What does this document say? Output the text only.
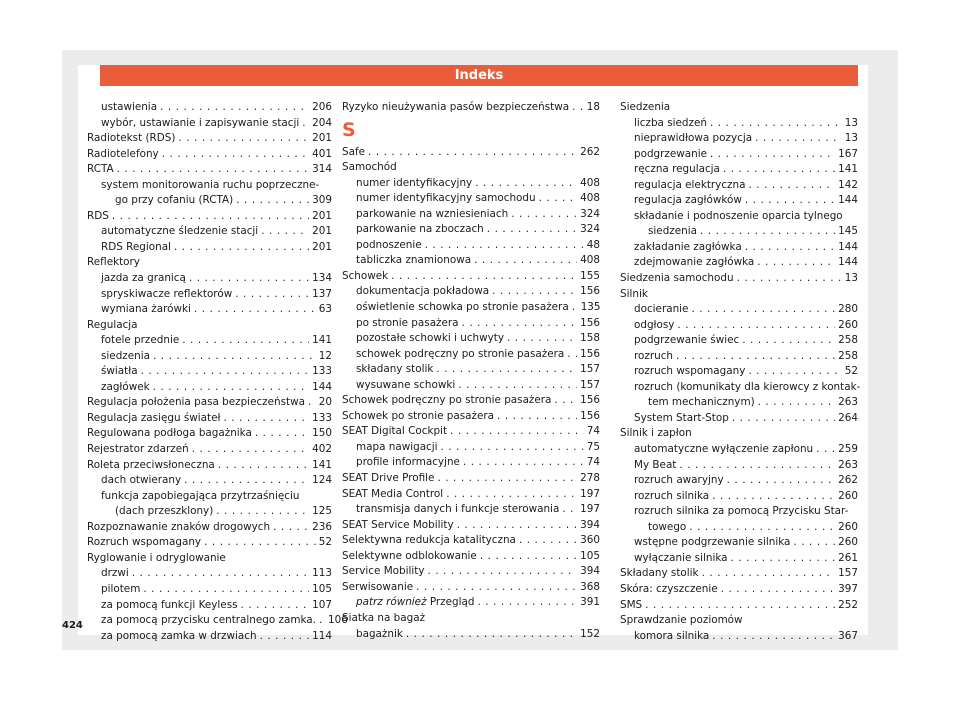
Indeks
ustawienia . . .	206
wybór, ustawianie i zapisywanie stacji . . . 204
Radiotekst (RDS) . . .	201
Radiotelefony . . .	401
RCTA . . .	314
system monitorowania ruchu poprzeczne-
go przy cofaniu (RCTA) . . .	309
RDS . . .	201
automatyczne śledzenie stacji . . .	201
RDS Regional . . .	201
Reflektory
jazda za granicą . . .	134
spryskiwacze reflektorów . . .	137
wymiana żarówki . . .	63
Regulacja
fotele przednie . . .	141
siedzenia . . .	12
światła . . .	133
zagłówek . . .	144
Regulacja położenia pasa bezpieczeństwa . . . 20
Regulacja zasięgu świateł . . .	133
Regulowana podłoga bagażnika . . .	150
Rejestrator zdarzeń . . .	402
Roleta przeciwsłoneczna . . .	141
dach otwierany . . .	124
funkcja zapobiegająca przytrzaśnięciu
(dach przeszklony) . . .	125
Rozpoznawanie znaków drogowych . . .	236
Rozruch wspomagany . . .	52
Ryglowanie i odryglowanie
drzwi . . .	113
pilotem . . .	105
za pomocą funkcji Keyless . . .	107
za pomocą przycisku centralnego zamka. . . . 106
za pomocą zamka w drzwiach . . .	114
Ryzyko nieużywania pasów bezpieczeństwa . . . 18
S
Safe . . .	262
Samochód
numer identyfikacyjny . . .	408
numer identyfikacyjny samochodu . . .	408
parkowanie na wzniesieniach . . .	324
parkowanie na zboczach . . .	324
podnoszenie . . .	48
tabliczka znamionowa . . .	408
Schowek . . .	155
dokumentacja pokładowa . . .	156
oświetlenie schowka po stronie pasażera . . . 135
po stronie pasażera . . .	156
pozostałe schowki i uchwyty . . .	158
schowek podręczny po stronie pasażera . . . 156
składany stolik . . .	157
wysuwane schowki . . .	157
Schowek podręczny po stronie pasażera . . .	156
Schowek po stronie pasażera . . .	156
SEAT Digital Cockpit . . .	74
mapa nawigacji . . .	75
profile informacyjne . . .	74
SEAT Drive Profile . . .	278
SEAT Media Control . . .	197
transmisja danych i funkcje sterowania . . . 197
SEAT Service Mobility . . .	394
Selektywna redukcja katalityczna . . .	360
Selektywne odblokowanie . . .	105
Service Mobility . . .	394
Serwisowanie . . .	368
patrz również Przegląd . . .	391
Siatka na bagaż
bagażnik . . .	152
Siedzenia
liczba siedzeń . . .	13
nieprawidłowa pozycja . . .	13
podgrzewanie . . .	167
ręczna regulacja . . .	141
regulacja elektryczna . . .	142
regulacja zagłówków . . .	144
składanie i podnoszenie oparcia tylnego
siedzenia . . .	145
zakładanie zagłówka . . .	144
zdejmowanie zagłówka . . .	144
Siedzenia samochodu . . .	13
Silnik
docieranie . . .	280
odgłosy . . .	260
podgrzewanie świec . . .	258
rozruch . . .	258
rozruch wspomagany . . .	52
rozruch (komunikaty dla kierowcy z kontak-
tem mechanicznym) . . .	263
System Start-Stop . . .	264
Silnik i zapłon
automatyczne wyłączenie zapłonu . . . 259
My Beat . . .	263
rozruch awaryjny . . .	262
rozruch silnika . . .	260
rozruch silnika za pomocą Przycisku Star-
towego . . .	260
wstępne podgrzewanie silnika . . .	260
wyłączanie silnika . . .	261
Składany stolik . . .	157
Skóra: czyszczenie . . .	397
SMS . . .	252
Sprawdzanie poziomów
komora silnika . . .	367
424
